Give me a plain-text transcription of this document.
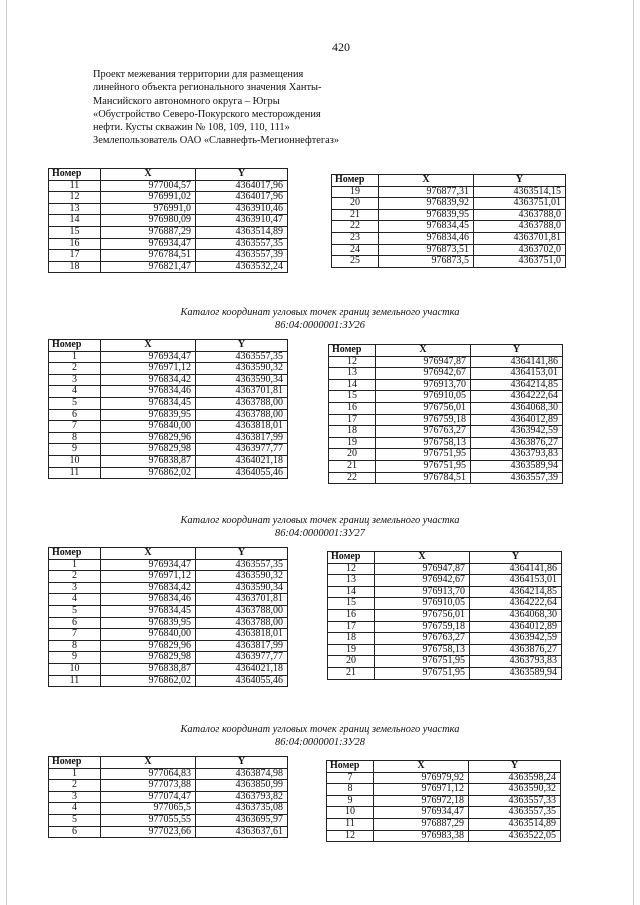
420
Проект межевания территории для размещения
линейного объекта регионального значения Ханты-
Мансийского автономного округа – Югры
«Обустройство Северо-Покурского месторождения
нефти. Кусты скважин № 108, 109, 110, 111»
Землепользователь ОАО «Славнефть-Мегионнефтегаз»
Номер	X	Y
11	977004,57	4364017,96
12	976991,02	4364017,96
13	976991,0	4363910,46
14	976980,09	4363910,47
15	976887,29	4363514,89
16	976934,47	4363557,35
17	976784,51	4363557,39
18	976821,47	4363532,24
Номер	X	Y
19	976877,31	4363514,15
20	976839,92	4363751,01
21	976839,95	4363788,0
22	976834,45	4363788,0
23	976834,46	4363701,81
24	976873,51	4363702,0
25	976873,5	4363751,0
Каталог координат угловых точек границ земельного участка
86:04:0000001:ЗУ26
Номер	X	Y
1	976934,47	4363557,35
2	976971,12	4363590,32
3	976834,42	4363590,34
4	976834,46	4363701,81
5	976834,45	4363788,00
6	976839,95	4363788,00
7	976840,00	4363818,01
8	976829,96	4363817,99
9	976829,98	4363977,77
10	976838,87	4364021,18
11	976862,02	4364055,46
Номер	X	Y
12	976947,87	4364141,86
13	976942,67	4364153,01
14	976913,70	4364214,85
15	976910,05	4364222,64
16	976756,01	4364068,30
17	976759,18	4364012,89
18	976763,27	4363942,59
19	976758,13	4363876,27
20	976751,95	4363793,83
21	976751,95	4363589,94
22	976784,51	4363557,39
Каталог координат угловых точек границ земельного участка
86:04:0000001:ЗУ27
Номер	X	Y
1	976934,47	4363557,35
2	976971,12	4363590,32
3	976834,42	4363590,34
4	976834,46	4363701,81
5	976834,45	4363788,00
6	976839,95	4363788,00
7	976840,00	4363818,01
8	976829,96	4363817,99
9	976829,98	4363977,77
10	976838,87	4364021,18
11	976862,02	4364055,46
Номер	X	Y
12	976947,87	4364141,86
13	976942,67	4364153,01
14	976913,70	4364214,85
15	976910,05	4364222,64
16	976756,01	4364068,30
17	976759,18	4364012,89
18	976763,27	4363942,59
19	976758,13	4363876,27
20	976751,95	4363793,83
21	976751,95	4363589,94
Каталог координат угловых точек границ земельного участка
86:04:0000001:ЗУ28
Номер	X	Y
1	977064,83	4363874,98
2	977073,88	4363850,99
3	977074,47	4363793,82
4	977065,5	4363735,08
5	977055,55	4363695,97
6	977023,66	4363637,61
Номер	X	Y
7	976979,92	4363598,24
8	976971,12	4363590,32
9	976972,18	4363557,33
10	976934,47	4363557,35
11	976887,29	4363514,89
12	976983,38	4363522,05
